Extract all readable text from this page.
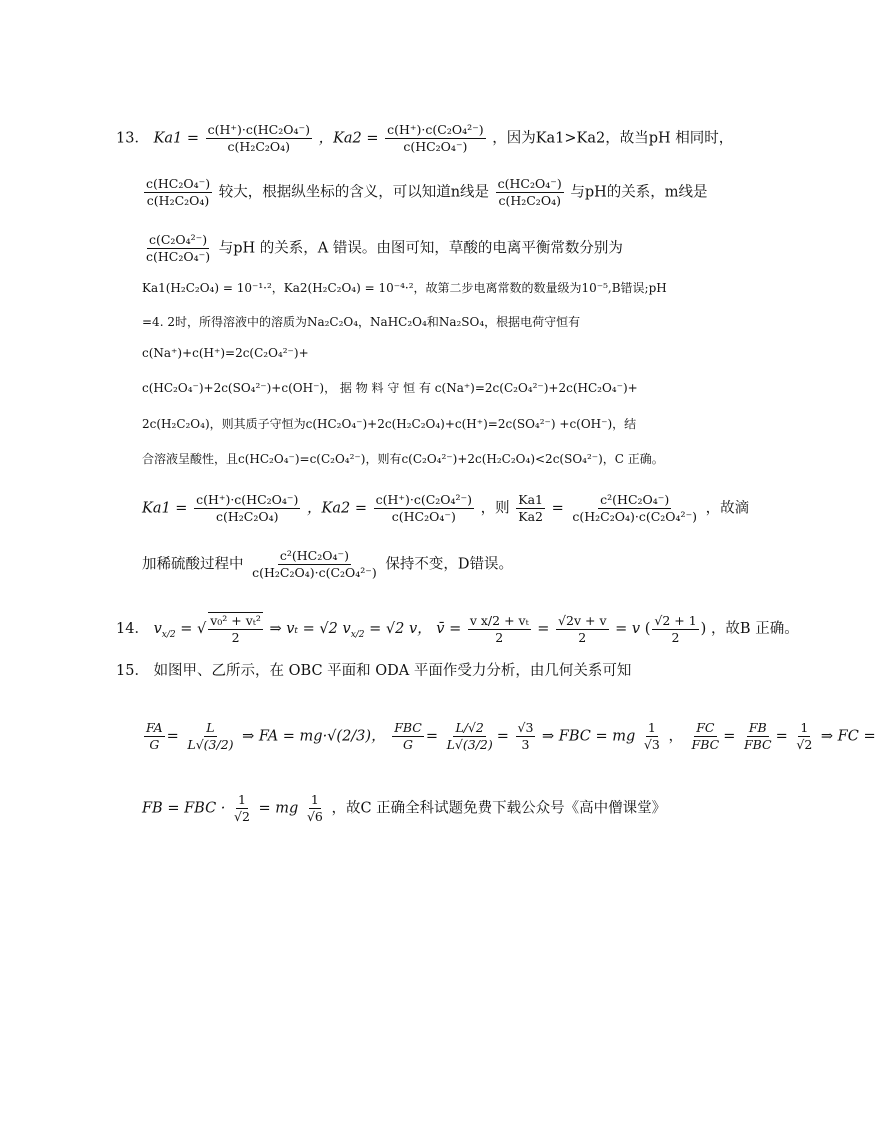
13． $Ka1 = \frac{\text{c(H⁺)·c(HC₂O₄⁻)}}{\text{c(H₂C₂O₄)}}$ ，$Ka2 = \frac{\text{c(H⁺)·c(C₂O₄²⁻)}}{\text{c(HC₂O₄⁻)}}$ ，因为Ka1>Ka2，故当pH 相同时，
$\frac{\text{c(HC₂O₄⁻)}}{\text{c(H₂C₂O₄)}}$ 较大，根据纵坐标的含义，可以知道n线是 $\frac{\text{c(HC₂O₄⁻)}}{\text{c(H₂C₂O₄)}}$ 与pH的关系，m线是
$\frac{\text{c(C₂O₄²⁻)}}{\text{c(HC₂O₄⁻)}}$ 与pH 的关系，A 错误。由图可知，草酸的电离平衡常数分别为
Ka1(H₂C₂O₄) = 10⁻¹·²，Ka2(H₂C₂O₄) = 10⁻⁴·²，故第二步电离常数的数量级为10⁻⁵,B错误;pH
=4. 2时，所得溶液中的溶质为Na₂C₂O₄，NaHC₂O₄和Na₂SO₄，根据电荷守恒有
c(Na⁺)+c(H⁺)=2c(C₂O₄²⁻)+
c(HC₂O₄⁻)+2c(SO₄²⁻)+c(OH⁻)， 据 物 料 守 恒 有 c(Na⁺)=2c(C₂O₄²⁻)+2c(HC₂O₄⁻)+
2c(H₂C₂O₄)，则其质子守恒为c(HC₂O₄⁻)+2c(H₂C₂O₄)+c(H⁺)=2c(SO₄²⁻) +c(OH⁻)，结
合溶液呈酸性，且c(HC₂O₄⁻)=c(C₂O₄²⁻)，则有c(C₂O₄²⁻)+2c(H₂C₂O₄)<2c(SO₄²⁻)，C 正确。
$Ka1 = \frac{\text{c(H⁺)·c(HC₂O₄⁻)}}{\text{c(H₂C₂O₄)}}$ ，$Ka2 = \frac{\text{c(H⁺)·c(C₂O₄²⁻)}}{\text{c(HC₂O₄⁻)}}$ ，则 $\frac{Ka1}{Ka2} = \frac{\text{c²(HC₂O₄⁻)}}{\text{c(H₂C₂O₄)·c(C₂O₄²⁻)}}$ ，故滴
加稀硫酸过程中 $\frac{\text{c²(HC₂O₄⁻)}}{\text{c(H₂C₂O₄)·c(C₂O₄²⁻)}}$ 保持不变，D错误。
14． $v_{x/2}$ = √ $\frac{\text{v₀² + vₜ²}}{2}$ ⇒ vₜ = √2 $v_{x/2} = √2$ v， v̄ = $\frac{\text{v x/2 + vₜ}}{2} = \frac{√2v + v}{2} = v$ ( $\frac{√2 + 1}{2}$ ) ，故B 正确。
15． 如图甲、乙所示，在 OBC 平面和 ODA 平面作受力分析，由几何关系可知
$\frac{FA}{G} = \frac{L}{L√(3/2)}$ ⇒ FA = mg·√(2/3)， $\frac{\text{FBC}}{G} = \frac{L/√2}{L√(3/2)} = \frac{√3}{3}$ ⇒ FBC = mg $\frac{1}{√3}$ ， $\frac{FC}{\text{FBC}} = \frac{FB}{\text{FBC}} = \frac{1}{√2}$ ⇒ FC =
FB = FBC · $\frac{1}{√2}$ = mg $\frac{1}{√6}$ ，故C 正确全科试题免费下载公众号《高中僧课堂》
